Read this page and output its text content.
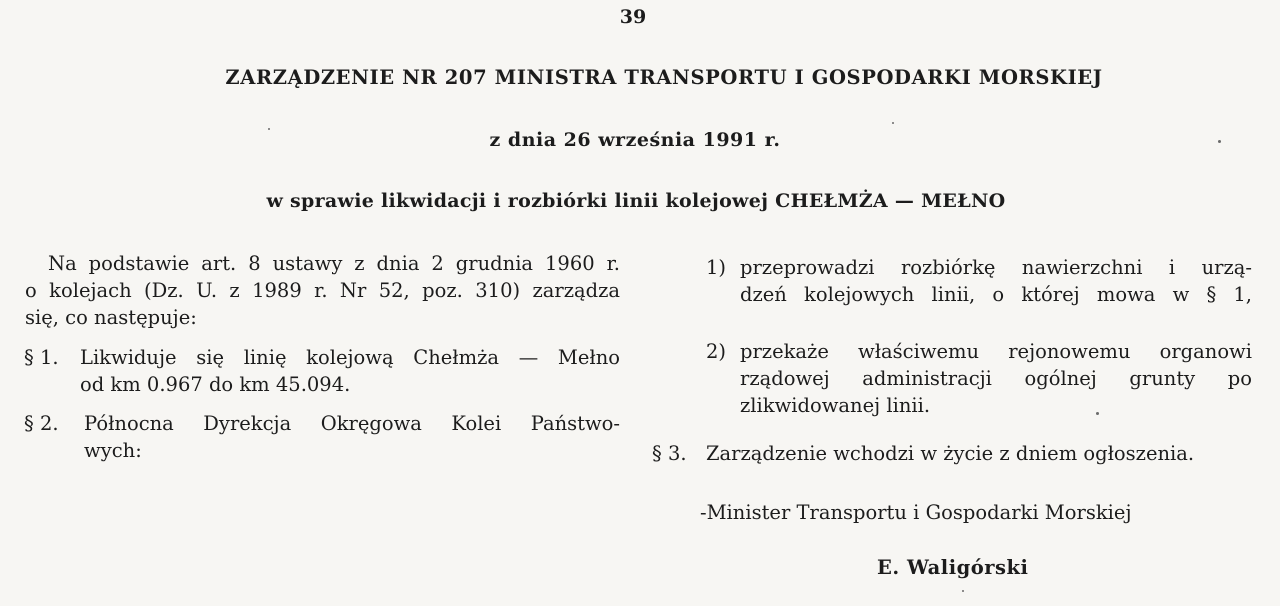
39
ZARZĄDZENIE NR 207 MINISTRA TRANSPORTU I GOSPODARKI MORSKIEJ
z dnia 26 września 1991 r.
w sprawie likwidacji i rozbiórki linii kolejowej CHEŁMŻA — MEŁNO
Na podstawie art. 8 ustawy z dnia 2 grudnia 1960 r.
o kolejach (Dz. U. z 1989 r. Nr 52, poz. 310) zarządza
się, co następuje:
§ 1. Likwiduje się linię kolejową Chełmża — Mełno
od km 0.967 do km 45.094.
§ 2. Północna Dyrekcja Okręgowa Kolei Państwo-
wych:
1) przeprowadzi rozbiórkę nawierzchni i urzą-
dzeń kolejowych linii, o której mowa w § 1,
2) przekaże właściwemu rejonowemu organowi
rządowej administracji ogólnej grunty po
zlikwidowanej linii.
§ 3. Zarządzenie wchodzi w życie z dniem ogłoszenia.
-Minister Transportu i Gospodarki Morskiej
E. Waligórski
